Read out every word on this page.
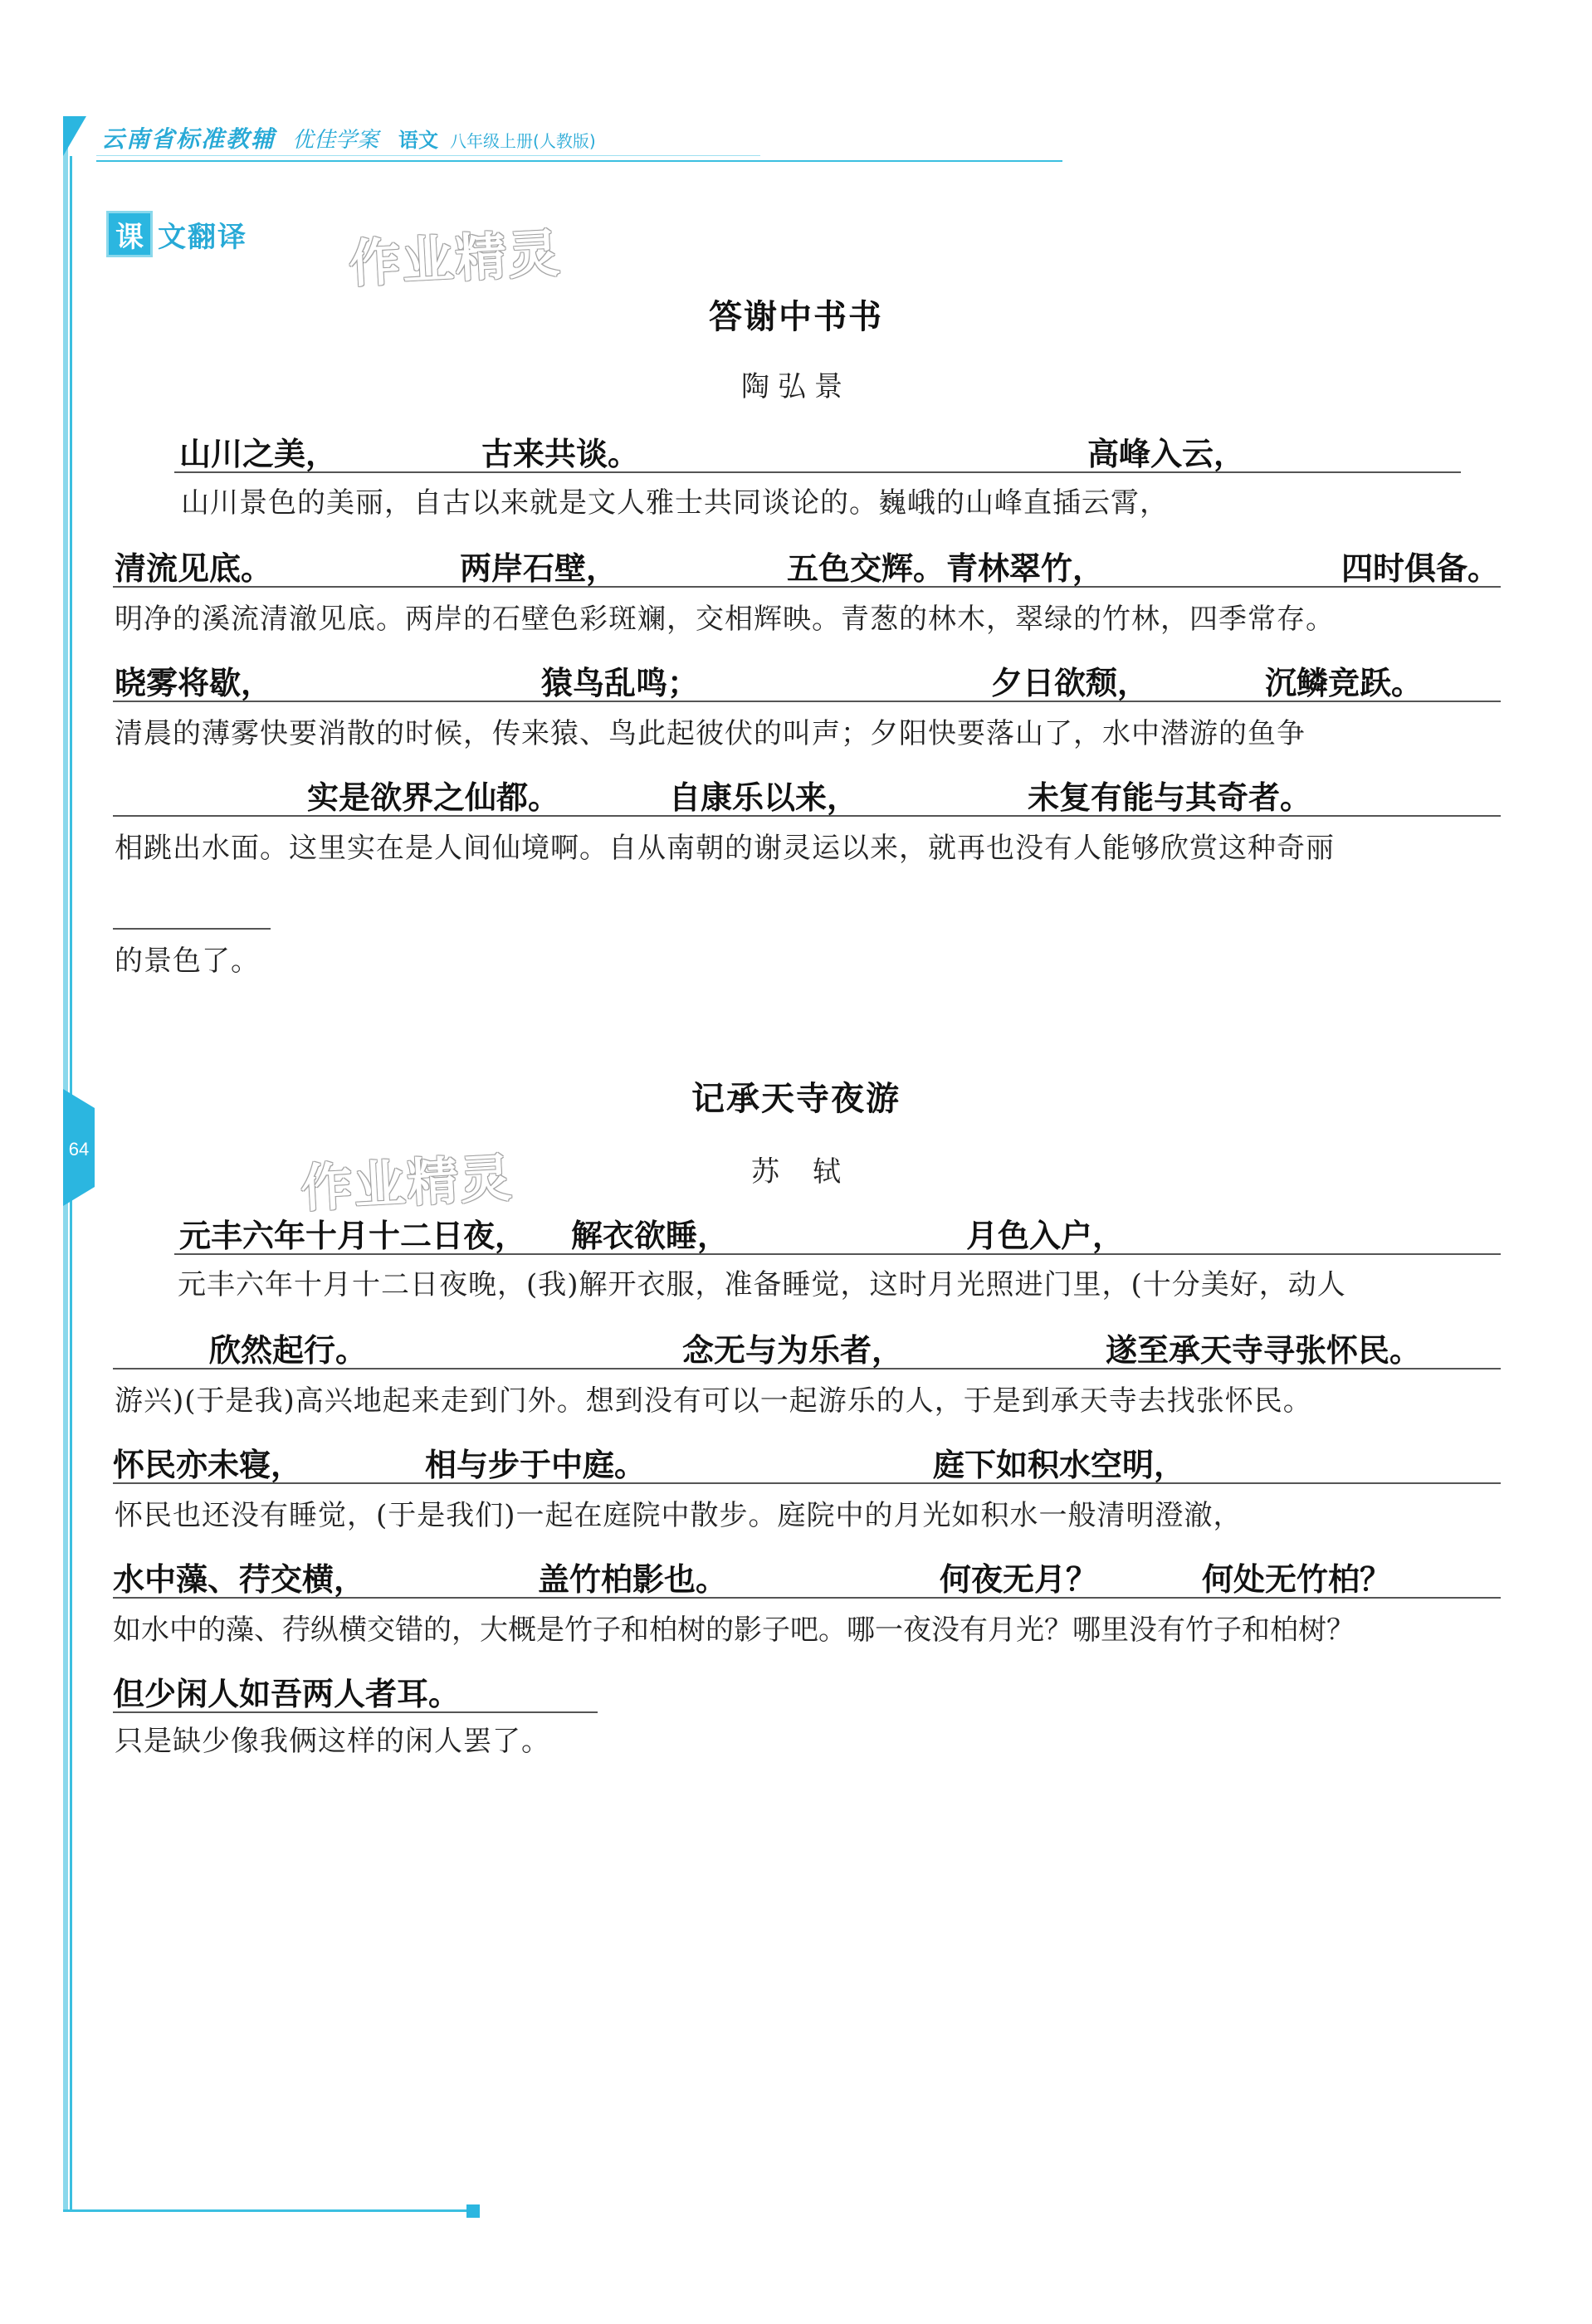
64
云南省标准教辅 优佳学案 语文 八年级上册(人教版)
课 文翻译 作业精灵
作业精灵
答谢中书书
陶弘景
山川之美，	古来共谈。	高峰入云，
山川景色的美丽，自古以来就是文人雅士共同谈论的。巍峨的山峰直插云霄，
清流见底。	两岸石壁，	五色交辉。 青林翠竹，	四时俱备。
明净的溪流清澈见底。两岸的石壁色彩斑斓，交相辉映。青葱的林木，翠绿的竹林，四季常存。
晓雾将歇，	猿鸟乱鸣；	夕日欲颓，	沉鳞竞跃。
清晨的薄雾快要消散的时候，传来猿、鸟此起彼伏的叫声；夕阳快要落山了，水中潜游的鱼争
实是欲界之仙都。	自康乐以来，	未复有能与其奇者。
相跳出水面。这里实在是人间仙境啊。自从南朝的谢灵运以来，就再也没有人能够欣赏这种奇丽
的景色了。
记承天寺夜游
苏轼
元丰六年十月十二日夜， 解衣欲睡，	月色入户，
元丰六年十月十二日夜晚，(我)解开衣服，准备睡觉，这时月光照进门里，(十分美好，动人
欣然起行。	念无与为乐者，	遂至承天寺寻张怀民。
游兴)(于是我)高兴地起来走到门外。想到没有可以一起游乐的人，于是到承天寺去找张怀民。
怀民亦未寝，	相与步于中庭。	庭下如积水空明，
怀民也还没有睡觉，(于是我们)一起在庭院中散步。庭院中的月光如积水一般清明澄澈，
水中藻、荇交横，	盖竹柏影也。	何夜无月？	何处无竹柏？
如水中的藻、荇纵横交错的，大概是竹子和柏树的影子吧。哪一夜没有月光？哪里没有竹子和柏树？
但少闲人如吾两人者耳。
只是缺少像我俩这样的闲人罢了。
